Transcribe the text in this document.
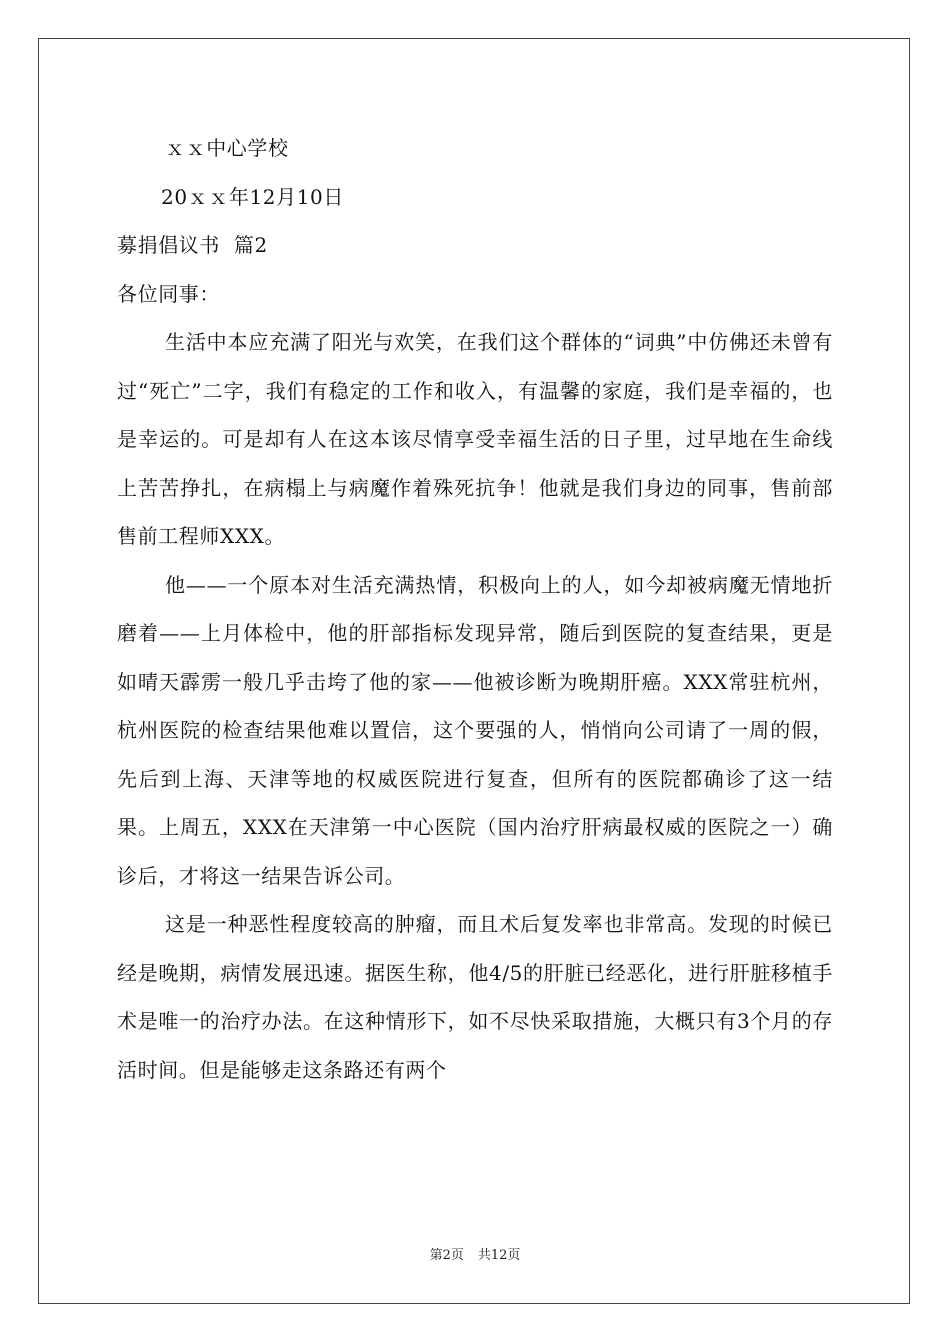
ｘｘ中心学校

20ｘｘ年12月10日

募捐倡议书  篇2

各位同事：

生活中本应充满了阳光与欢笑，在我们这个群体的“词典”中仿佛还未曾有过“死亡”二字，我们有稳定的工作和收入，有温馨的家庭，我们是幸福的，也是幸运的。可是却有人在这本该尽情享受幸福生活的日子里，过早地在生命线上苦苦挣扎，在病榻上与病魔作着殊死抗争！他就是我们身边的同事，售前部售前工程师XXX。

他——一个原本对生活充满热情，积极向上的人，如今却被病魔无情地折磨着——上月体检中，他的肝部指标发现异常，随后到医院的复查结果，更是如晴天霹雳一般几乎击垮了他的家——他被诊断为晚期肝癌。XXX常驻杭州，杭州医院的检查结果他难以置信，这个要强的人，悄悄向公司请了一周的假，先后到上海、天津等地的权威医院进行复查，但所有的医院都确诊了这一结果。上周五，XXX在天津第一中心医院（国内治疗肝病最权威的医院之一）确诊后，才将这一结果告诉公司。

这是一种恶性程度较高的肿瘤，而且术后复发率也非常高。发现的时候已经是晚期，病情发展迅速。据医生称，他4/5的肝脏已经恶化，进行肝脏移植手术是唯一的治疗办法。在这种情形下，如不尽快采取措施，大概只有3个月的存活时间。但是能够走这条路还有两个

第2页 共12页
